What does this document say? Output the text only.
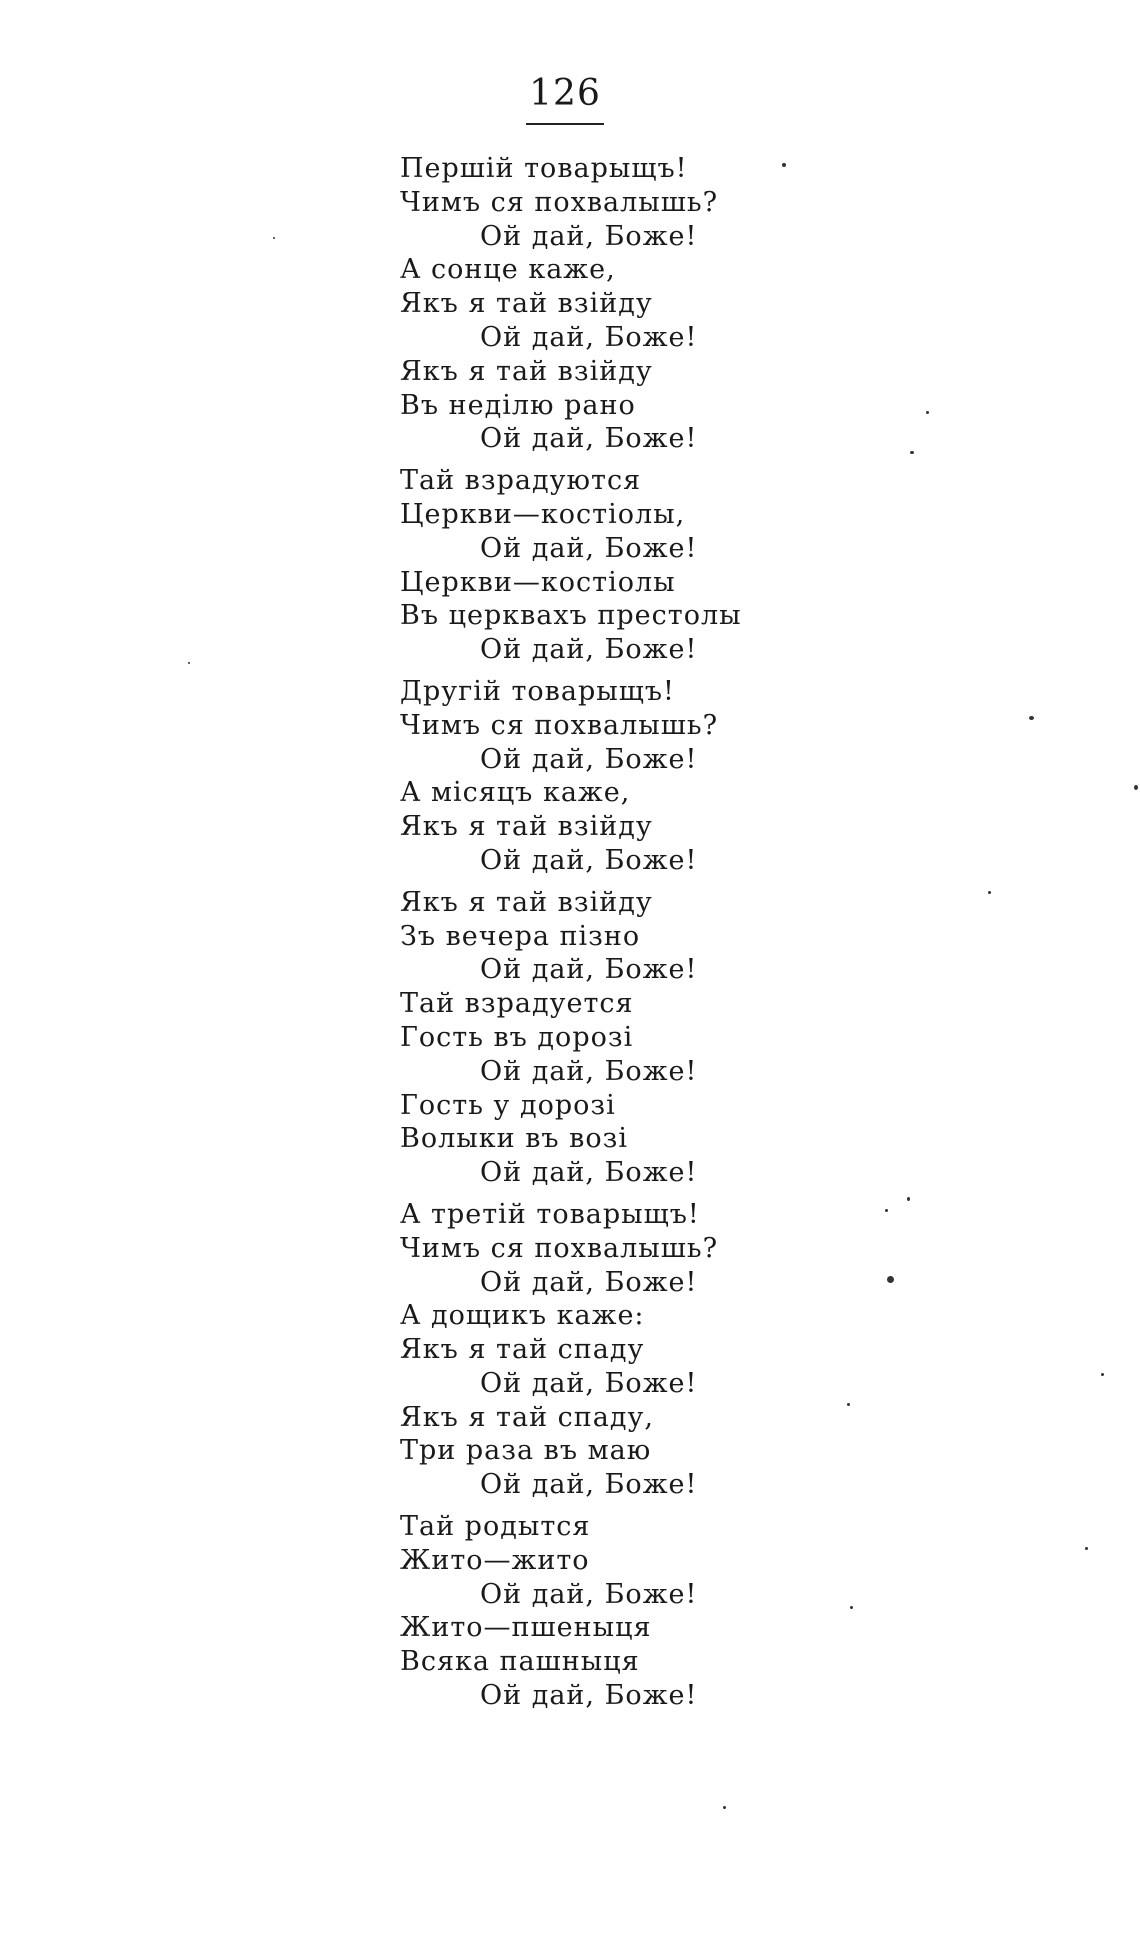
126
Першій товарыщъ!
Чимъ ся похвалышь?
Ой дай, Боже!
А сонце каже,
Якъ я тай взійду
Ой дай, Боже!
Якъ я тай взійду
Въ неділю рано
Ой дай, Боже!
Тай взрадуются
Церкви—костіолы,
Ой дай, Боже!
Церкви—костіолы
Въ церквахъ престолы
Ой дай, Боже!
Другій товарыщъ!
Чимъ ся похвалышь?
Ой дай, Боже!
А місяцъ каже,
Якъ я тай взійду
Ой дай, Боже!
Якъ я тай взійду
Зъ вечера пізно
Ой дай, Боже!
Тай взрадуется
Гость въ дорозі
Ой дай, Боже!
Гость у дорозі
Волыки въ возі
Ой дай, Боже!
А третій товарыщъ!
Чимъ ся похвалышь?
Ой дай, Боже!
А дощикъ каже:
Якъ я тай спаду
Ой дай, Боже!
Якъ я тай спаду,
Три раза въ маю
Ой дай, Боже!
Тай родытся
Жито—жито
Ой дай, Боже!
Жито—пшеныця
Всяка пашныця
Ой дай, Боже!
